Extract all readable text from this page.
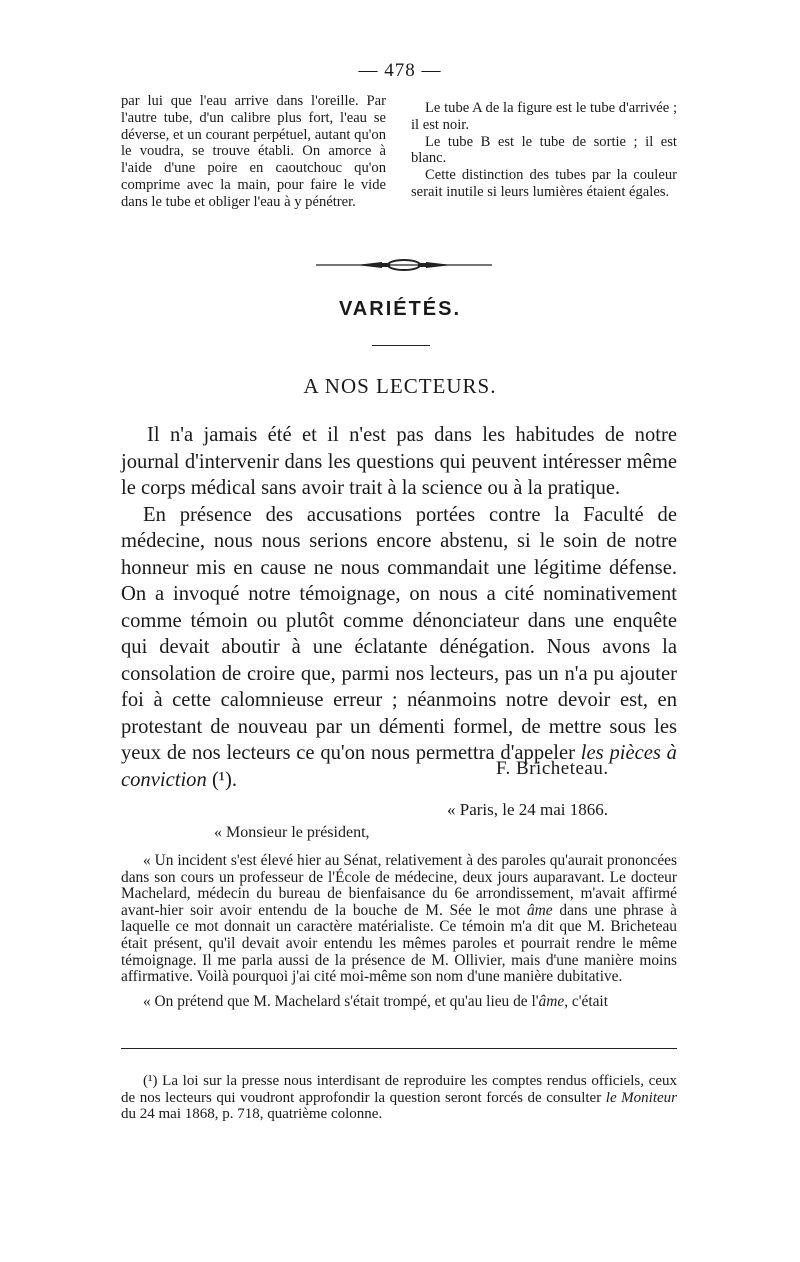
— 478 —

par lui que l'eau arrive dans l'oreille. Par l'autre tube, d'un calibre plus fort, l'eau se déverse, et un courant perpétuel, autant qu'on le voudra, se trouve établi. On amorce à l'aide d'une poire en caoutchouc qu'on comprime avec la main, pour faire le vide dans le tube et obliger l'eau à y pénétrer.

Le tube A de la figure est le tube d'arrivée ; il est noir.

Le tube B est le tube de sortie ; il est blanc.

Cette distinction des tubes par la couleur serait inutile si leurs lumières étaient égales.

VARIÉTÉS.
A NOS LECTEURS.

Il n'a jamais été et il n'est pas dans les habitudes de notre journal d'intervenir dans les questions qui peuvent intéresser même le corps médical sans avoir trait à la science ou à la pratique.

En présence des accusations portées contre la Faculté de médecine, nous nous serions encore abstenu, si le soin de notre honneur mis en cause ne nous commandait une légitime défense. On a invoqué notre témoignage, on nous a cité nominativement comme témoin ou plutôt comme dénonciateur dans une enquête qui devait aboutir à une éclatante dénégation. Nous avons la consolation de croire que, parmi nos lecteurs, pas un n'a pu ajouter foi à cette calomnieuse erreur ; néanmoins notre devoir est, en protestant de nouveau par un démenti formel, de mettre sous les yeux de nos lecteurs ce qu'on nous permettra d'appeler les pièces à conviction (¹).	F. Bricheteau.
« Paris, le 24 mai 1866.
« Monsieur le président,

« Un incident s'est élevé hier au Sénat, relativement à des paroles qu'aurait prononcées dans son cours un professeur de l'École de médecine, deux jours auparavant. Le docteur Machelard, médecin du bureau de bienfaisance du 6e arrondissement, m'avait affirmé avant-hier soir avoir entendu de la bouche de M. Sée le mot âme dans une phrase à laquelle ce mot donnait un caractère matérialiste. Ce témoin m'a dit que M. Bricheteau était présent, qu'il devait avoir entendu les mêmes paroles et pourrait rendre le même témoignage. Il me parla aussi de la présence de M. Ollivier, mais d'une manière moins affirmative. Voilà pourquoi j'ai cité moi-même son nom d'une manière dubitative.

« On prétend que M. Machelard s'était trompé, et qu'au lieu de l'âme, c'était

(¹) La loi sur la presse nous interdisant de reproduire les comptes rendus officiels, ceux de nos lecteurs qui voudront approfondir la question seront forcés de consulter le Moniteur du 24 mai 1868, p. 718, quatrième colonne.
